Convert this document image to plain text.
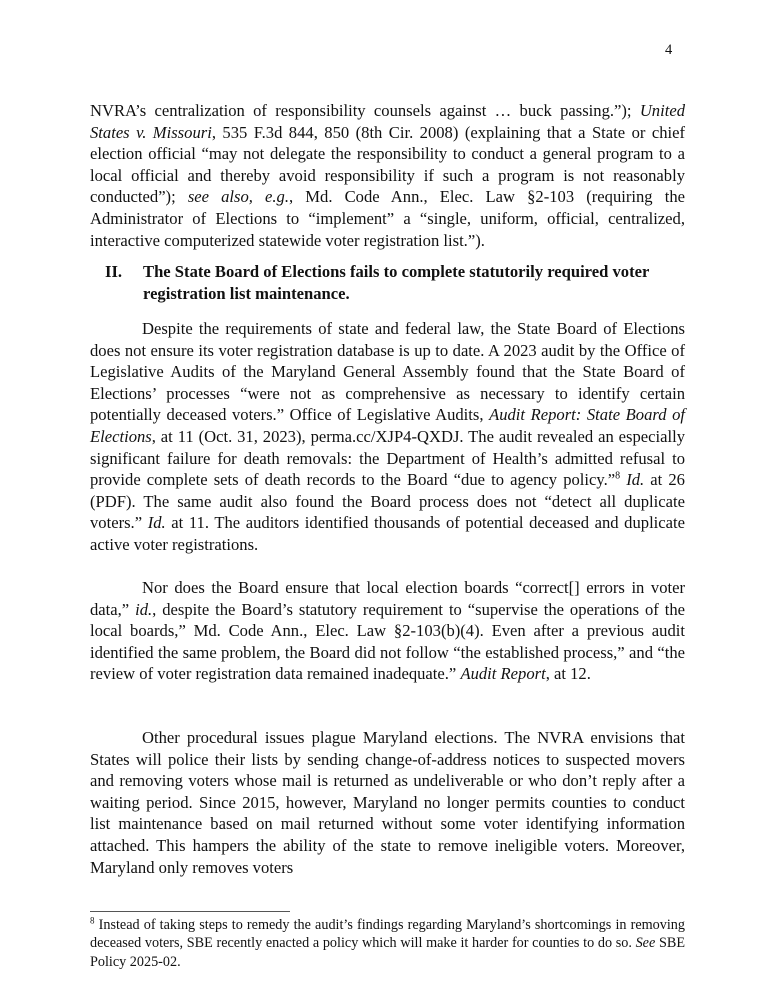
4

NVRA’s centralization of responsibility counsels against … buck passing.”); United States v. Missouri, 535 F.3d 844, 850 (8th Cir. 2008) (explaining that a State or chief election official “may not delegate the responsibility to conduct a general program to a local official and thereby avoid responsibility if such a program is not reasonably conducted”); see also, e.g., Md. Code Ann., Elec. Law §2-103 (requiring the Administrator of Elections to “implement” a “single, uniform, official, centralized, interactive computerized statewide voter registration list.”).

II.	The State Board of Elections fails to complete statutorily required voter registration list maintenance.

Despite the requirements of state and federal law, the State Board of Elections does not ensure its voter registration database is up to date. A 2023 audit by the Office of Legislative Audits of the Maryland General Assembly found that the State Board of Elections’ processes “were not as comprehensive as necessary to identify certain potentially deceased voters.” Office of Legislative Audits, Audit Report: State Board of Elections, at 11 (Oct. 31, 2023), perma.cc/XJP4-QXDJ. The audit revealed an especially significant failure for death removals: the Department of Health’s admitted refusal to provide complete sets of death records to the Board “due to agency policy.”$^8$ Id. at 26 (PDF). The same audit also found the Board process does not “detect all duplicate voters.” Id. at 11. The auditors identified thousands of potential deceased and duplicate active voter registrations.

Nor does the Board ensure that local election boards “correct[] errors in voter data,” id., despite the Board’s statutory requirement to “supervise the operations of the local boards,” Md. Code Ann., Elec. Law §2-103(b)(4). Even after a previous audit identified the same problem, the Board did not follow “the established process,” and “the review of voter registration data remained inadequate.” Audit Report, at 12.

Other procedural issues plague Maryland elections. The NVRA envisions that States will police their lists by sending change-of-address notices to suspected movers and removing voters whose mail is returned as undeliverable or who don’t reply after a waiting period. Since 2015, however, Maryland no longer permits counties to conduct list maintenance based on mail returned without some voter identifying information attached. This hampers the ability of the state to remove ineligible voters. Moreover, Maryland only removes voters

$^8$ Instead of taking steps to remedy the audit’s findings regarding Maryland’s shortcomings in removing deceased voters, SBE recently enacted a policy which will make it harder for counties to do so. See SBE Policy 2025-02.
